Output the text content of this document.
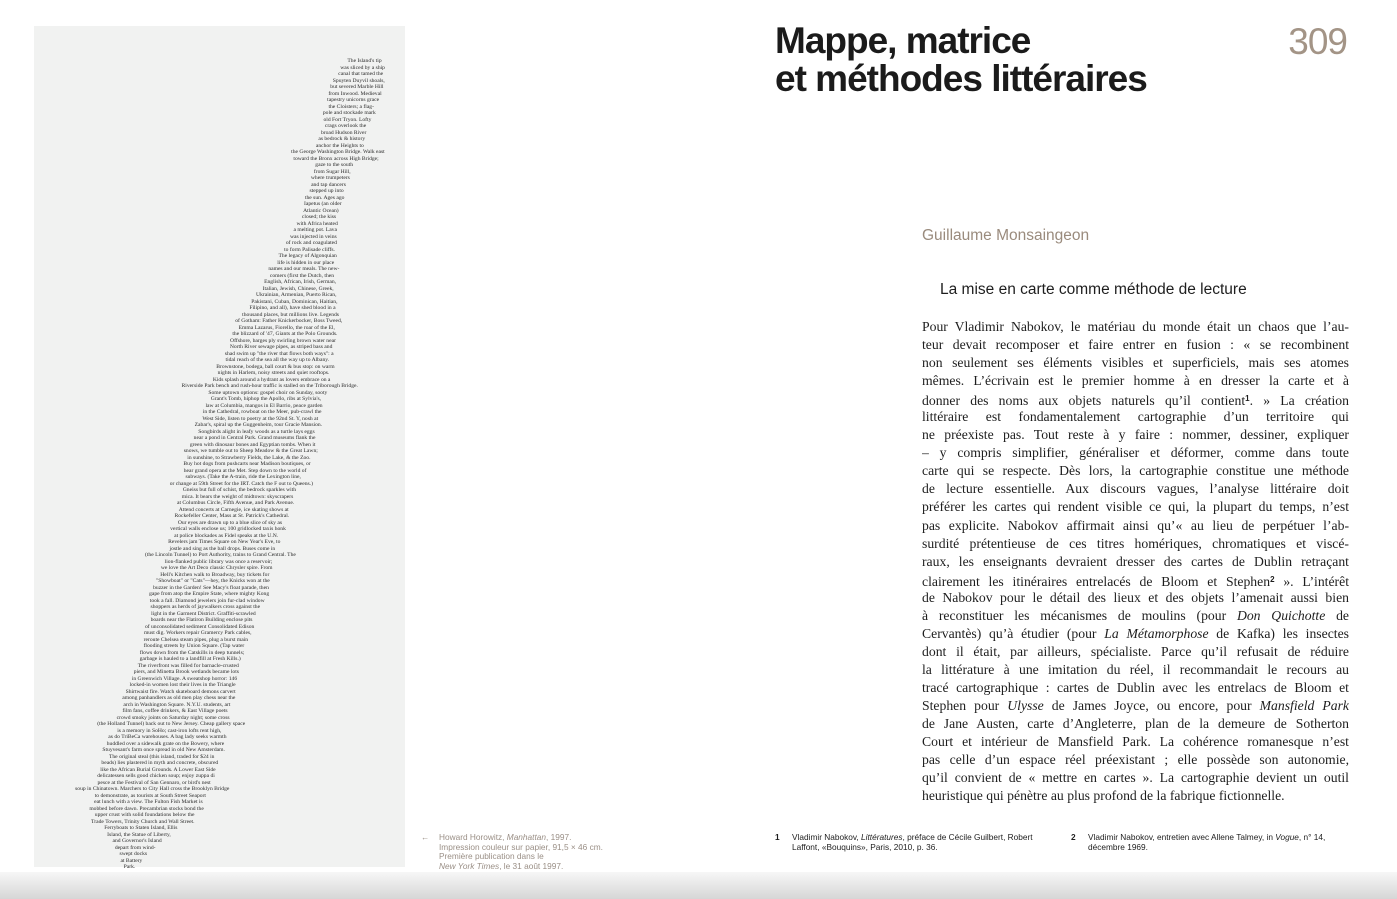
The Island's tip
was sliced by a ship
canal that tamed the
Spuyten Duyvil shoals,
but severed Marble Hill
from Inwood. Medieval
tapestry unicorns grace
the Cloisters; a flag-
pole and stockade mark
old Fort Tryon. Lofty
crags overlook the
broad Hudson River
as bedrock & history
anchor the Heights to
the George Washington Bridge. Walk east
toward the Bronx across High Bridge;
gaze to the south
from Sugar Hill,
where trumpeters
and tap dancers
stepped up into
the sun. Ages ago
Iapetus (an older
Atlantic Ocean)
closed; the kiss
with Africa heated
a melting pot. Lava
was injected in veins
of rock and coagulated
to form Palisade cliffs.
The legacy of Algonquian
life is hidden in our place
names and our meals. The new-
comers (first the Dutch, then
English, African, Irish, German,
Italian, Jewish, Chinese, Greek,
Ukrainian, Armenian, Puerto Rican,
Pakistani, Cuban, Dominican, Haitian,
Filipino, and all), have shed blood in a
thousand places, but millions live. Legends
of Gotham: Father Knickerbocker, Boss Tweed,
Emma Lazarus, Fiorello, the roar of the El,
the blizzard of '47, Giants at the Polo Grounds.
Offshore, barges ply swirling brown water near
North River sewage pipes, as striped bass and
shad swim up "the river that flows both ways": a
tidal reach of the sea all the way up to Albany.
Brownstone, bodega, ball court & bus stop: on warm
nights in Harlem, noisy streets and quiet rooftops.
Kids splash around a hydrant as lovers embrace on a
Riverside Park bench and rush-hour traffic is stalled on the Triborough Bridge.
Some uptown options: gospel choir on Sunday, sooty
Grant's Tomb, hiphop the Apollo, ribs at Sylvia's,
law at Columbia, mangos in El Barrio, peace garden
in the Cathedral, rowboat on the Meer, pub-crawl the
West Side, listen to poetry at the 92nd St. Y, nosh at
Zabar's, spiral up the Guggenheim, tour Gracie Mansion.
Songbirds alight in leafy woods as a turtle lays eggs
near a pond in Central Park. Grand museums flank the
green with dinosaur bones and Egyptian tombs. When it
snows, we tumble out to Sheep Meadow & the Great Lawn;
in sunshine, to Strawberry Fields, the Lake, & the Zoo.
Buy hot dogs from pushcarts near Madison boutiques, or
hear grand opera at the Met. Step down to the world of
subways. (Take the A-train, ride the Lexington line,
or change at 59th Street for the IRT. Catch the F out to Queens.)
Gneiss but full of schist, the bedrock sparkles with
mica. It bears the weight of midtown: skyscrapers
at Columbus Circle, Fifth Avenue, and Park Avenue.
Attend concerts at Carnegie, ice skating shows at
Rockefeller Center, Mass at St. Patrick's Cathedral.
Our eyes are drawn up to a blue slice of sky as
vertical walls enclose us; 100 gridlocked taxis honk
at police blockades as Fidel speaks at the U.N.
Revelers jam Times Square on New Year's Eve, to
jostle and sing as the ball drops. Buses come in
(the Lincoln Tunnel) to Port Authority, trains to Grand Central. The
lion-flanked public library was once a reservoir;
we love the Art Deco classic Chrysler spire. From
Hell's Kitchen walk to Broadway, buy tickets for
"Showboat" or "Cats"—hey, the Knicks won at the
buzzer in the Garden! See Macy's float parade, then
gape from atop the Empire State, where mighty Kong
took a fall. Diamond jewelers join fur-clad window
shoppers as herds of jaywalkers cross against the
light in the Garment District. Graffiti-scrawled
boards near the Flatiron Building enclose pits
of unconsolidated sediment Consolidated Edison
must dig. Workers repair Gramercy Park cables,
reroute Chelsea steam pipes, plug a burst main
flooding streets by Union Square. (Tap water
flows down from the Catskills in deep tunnels;
garbage is hauled to a landfill at Fresh Kills.)
The riverfront was filled for barnacle-crusted
piers, and Minetta Brook wetlands became lots
in Greenwich Village. A sweatshop horror: 146
locked-in women lost their lives in the Triangle
Shirtwaist fire. Watch skateboard demons carvert
among panhandlers as old men play chess near the
arch in Washington Square. N.Y.U. students, art
film fans, coffee drinkers, & East Village poets
crowd smoky joints on Saturday night; some cross
(the Holland Tunnel) back out to New Jersey. Cheap gallery space
is a memory in SoHo; cast-iron lofts rent high,
as do TriBeCa warehouses. A bag lady seeks warmth
huddled over a sidewalk grate on the Bowery, where
Stuyvesant's farm once spread in old New Amsterdam.
The original steal (this island, traded for $24 in
beads) lies plastered in myth and concrete, obscured
like the African Burial Grounds. A Lower East Side
delicatessen sells good chicken soup; enjoy zuppa di
pesce at the Festival of San Gennaro, or bird's nest
soup in Chinatown. Marchers to City Hall cross the Brooklyn Bridge
to demonstrate, as tourists at South Street Seaport
eat lunch with a view. The Fulton Fish Market is
mobbed before dawn. Precambrian stocks bond the
upper crust with solid foundations below the
Trade Towers, Trinity Church and Wall Street.
Ferryboats to Staten Island, Ellis
Island, the Statue of Liberty,
and Governor's Island
depart from wind-
swept docks
at Battery
Park.
← Howard Horowitz, Manhattan, 1997.
Impression couleur sur papier, 91,5 × 46 cm.
Première publication dans le
New York Times, le 31 août 1997.
Mappe, matrice
et méthodes littéraires
309
Guillaume Monsaingeon
La mise en carte comme méthode de lecture
Pour Vladimir Nabokov, le matériau du monde était un chaos que l’au-
teur devait recomposer et faire entrer en fusion : « se recombinent
non seulement ses éléments visibles et superficiels, mais ses atomes
mêmes. L’écrivain est le premier homme à en dresser la carte et à
donner des noms aux objets naturels qu’il contient$^1$. » La création
littéraire est fondamentalement cartographie d’un territoire qui
ne préexiste pas. Tout reste à y faire : nommer, dessiner, expliquer
– y compris simplifier, généraliser et déformer, comme dans toute
carte qui se respecte. Dès lors, la cartographie constitue une méthode
de lecture essentielle. Aux discours vagues, l’analyse littéraire doit
préférer les cartes qui rendent visible ce qui, la plupart du temps, n’est
pas explicite. Nabokov affirmait ainsi qu’« au lieu de perpétuer l’ab-
surdité prétentieuse de ces titres homériques, chromatiques et viscé-
raux, les enseignants devraient dresser des cartes de Dublin retraçant
clairement les itinéraires entrelacés de Bloom et Stephen$^2$ ». L’intérêt
de Nabokov pour le détail des lieux et des objets l’amenait aussi bien
à reconstituer les mécanismes de moulins (pour Don Quichotte de
Cervantès) qu’à étudier (pour La Métamorphose de Kafka) les insectes
dont il était, par ailleurs, spécialiste. Parce qu’il refusait de réduire
la littérature à une imitation du réel, il recommandait le recours au
tracé cartographique : cartes de Dublin avec les entrelacs de Bloom et
Stephen pour Ulysse de James Joyce, ou encore, pour Mansfield Park
de Jane Austen, carte d’Angleterre, plan de la demeure de Sotherton
Court et intérieur de Mansfield Park. La cohérence romanesque n’est
pas celle d’un espace réel préexistant ; elle possède son autonomie,
qu’il convient de « mettre en cartes ». La cartographie devient un outil
heuristique qui pénètre au plus profond de la fabrique fictionnelle.
1 Vladimir Nabokov, Littératures, préface de Cécile Guilbert, Robert Laffont, «Bouquins», Paris, 2010, p. 36.
2 Vladimir Nabokov, entretien avec Allene Talmey, in Vogue, n° 14, décembre 1969.
